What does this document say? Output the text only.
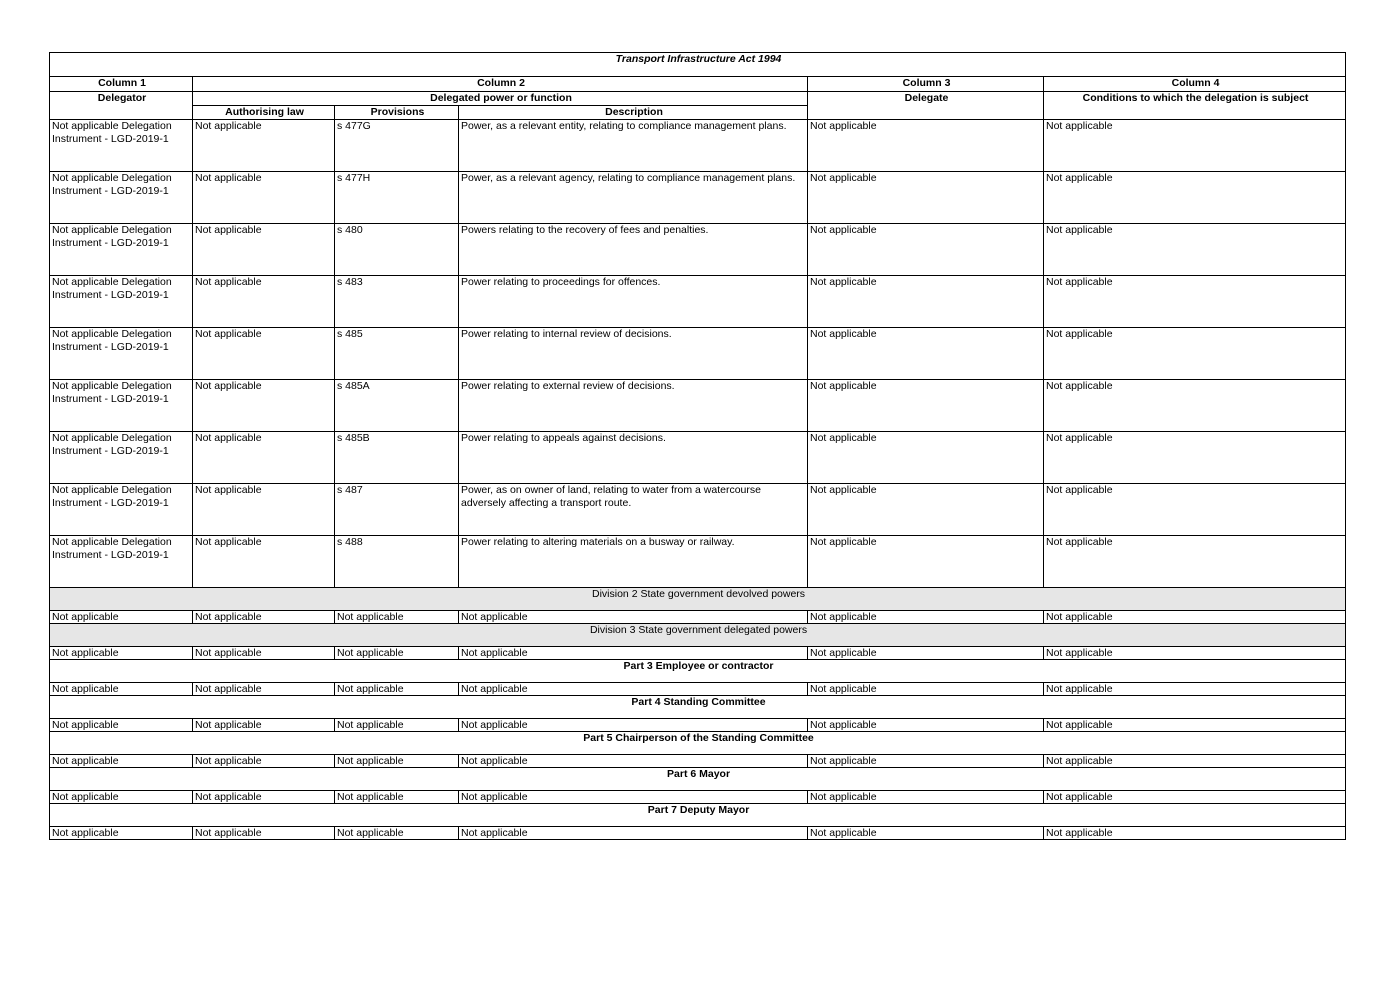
Transport Infrastructure Act 1994					
Column 1	Column 2			Column 3	Column 4
Delegator	Delegated power or function			Delegate	Conditions to which the delegation is subject
	Authorising law	Provisions	Description		
Not applicable Delegation Instrument - LGD-2019-1	Not applicable	s 477G	Power, as a relevant entity, relating to compliance management plans.	Not applicable	Not applicable
Not applicable Delegation Instrument - LGD-2019-1	Not applicable	s 477H	Power, as a relevant agency, relating to compliance management plans.	Not applicable	Not applicable
Not applicable Delegation Instrument - LGD-2019-1	Not applicable	s 480	Powers relating to the recovery of fees and penalties.	Not applicable	Not applicable
Not applicable Delegation Instrument - LGD-2019-1	Not applicable	s 483	Power relating to proceedings for offences.	Not applicable	Not applicable
Not applicable Delegation Instrument - LGD-2019-1	Not applicable	s 485	Power relating to internal review of decisions.	Not applicable	Not applicable
Not applicable Delegation Instrument - LGD-2019-1	Not applicable	s 485A	Power relating to external review of decisions.	Not applicable	Not applicable
Not applicable Delegation Instrument - LGD-2019-1	Not applicable	s 485B	Power relating to appeals against decisions.	Not applicable	Not applicable
Not applicable Delegation Instrument - LGD-2019-1	Not applicable	s 487	Power, as on owner of land, relating to water from a watercourse adversely affecting a transport route.	Not applicable	Not applicable
Not applicable Delegation Instrument - LGD-2019-1	Not applicable	s 488	Power relating to altering materials on a busway or railway.	Not applicable	Not applicable
Division 2 State government devolved powers					
Not applicable	Not applicable	Not applicable	Not applicable	Not applicable	Not applicable
Division 3 State government delegated powers					
Not applicable	Not applicable	Not applicable	Not applicable	Not applicable	Not applicable
Part 3 Employee or contractor					
Not applicable	Not applicable	Not applicable	Not applicable	Not applicable	Not applicable
Part 4 Standing Committee					
Not applicable	Not applicable	Not applicable	Not applicable	Not applicable	Not applicable
Part 5 Chairperson of the Standing Committee					
Not applicable	Not applicable	Not applicable	Not applicable	Not applicable	Not applicable
Part 6 Mayor					
Not applicable	Not applicable	Not applicable	Not applicable	Not applicable	Not applicable
Part 7 Deputy Mayor					
Not applicable	Not applicable	Not applicable	Not applicable	Not applicable	Not applicable
